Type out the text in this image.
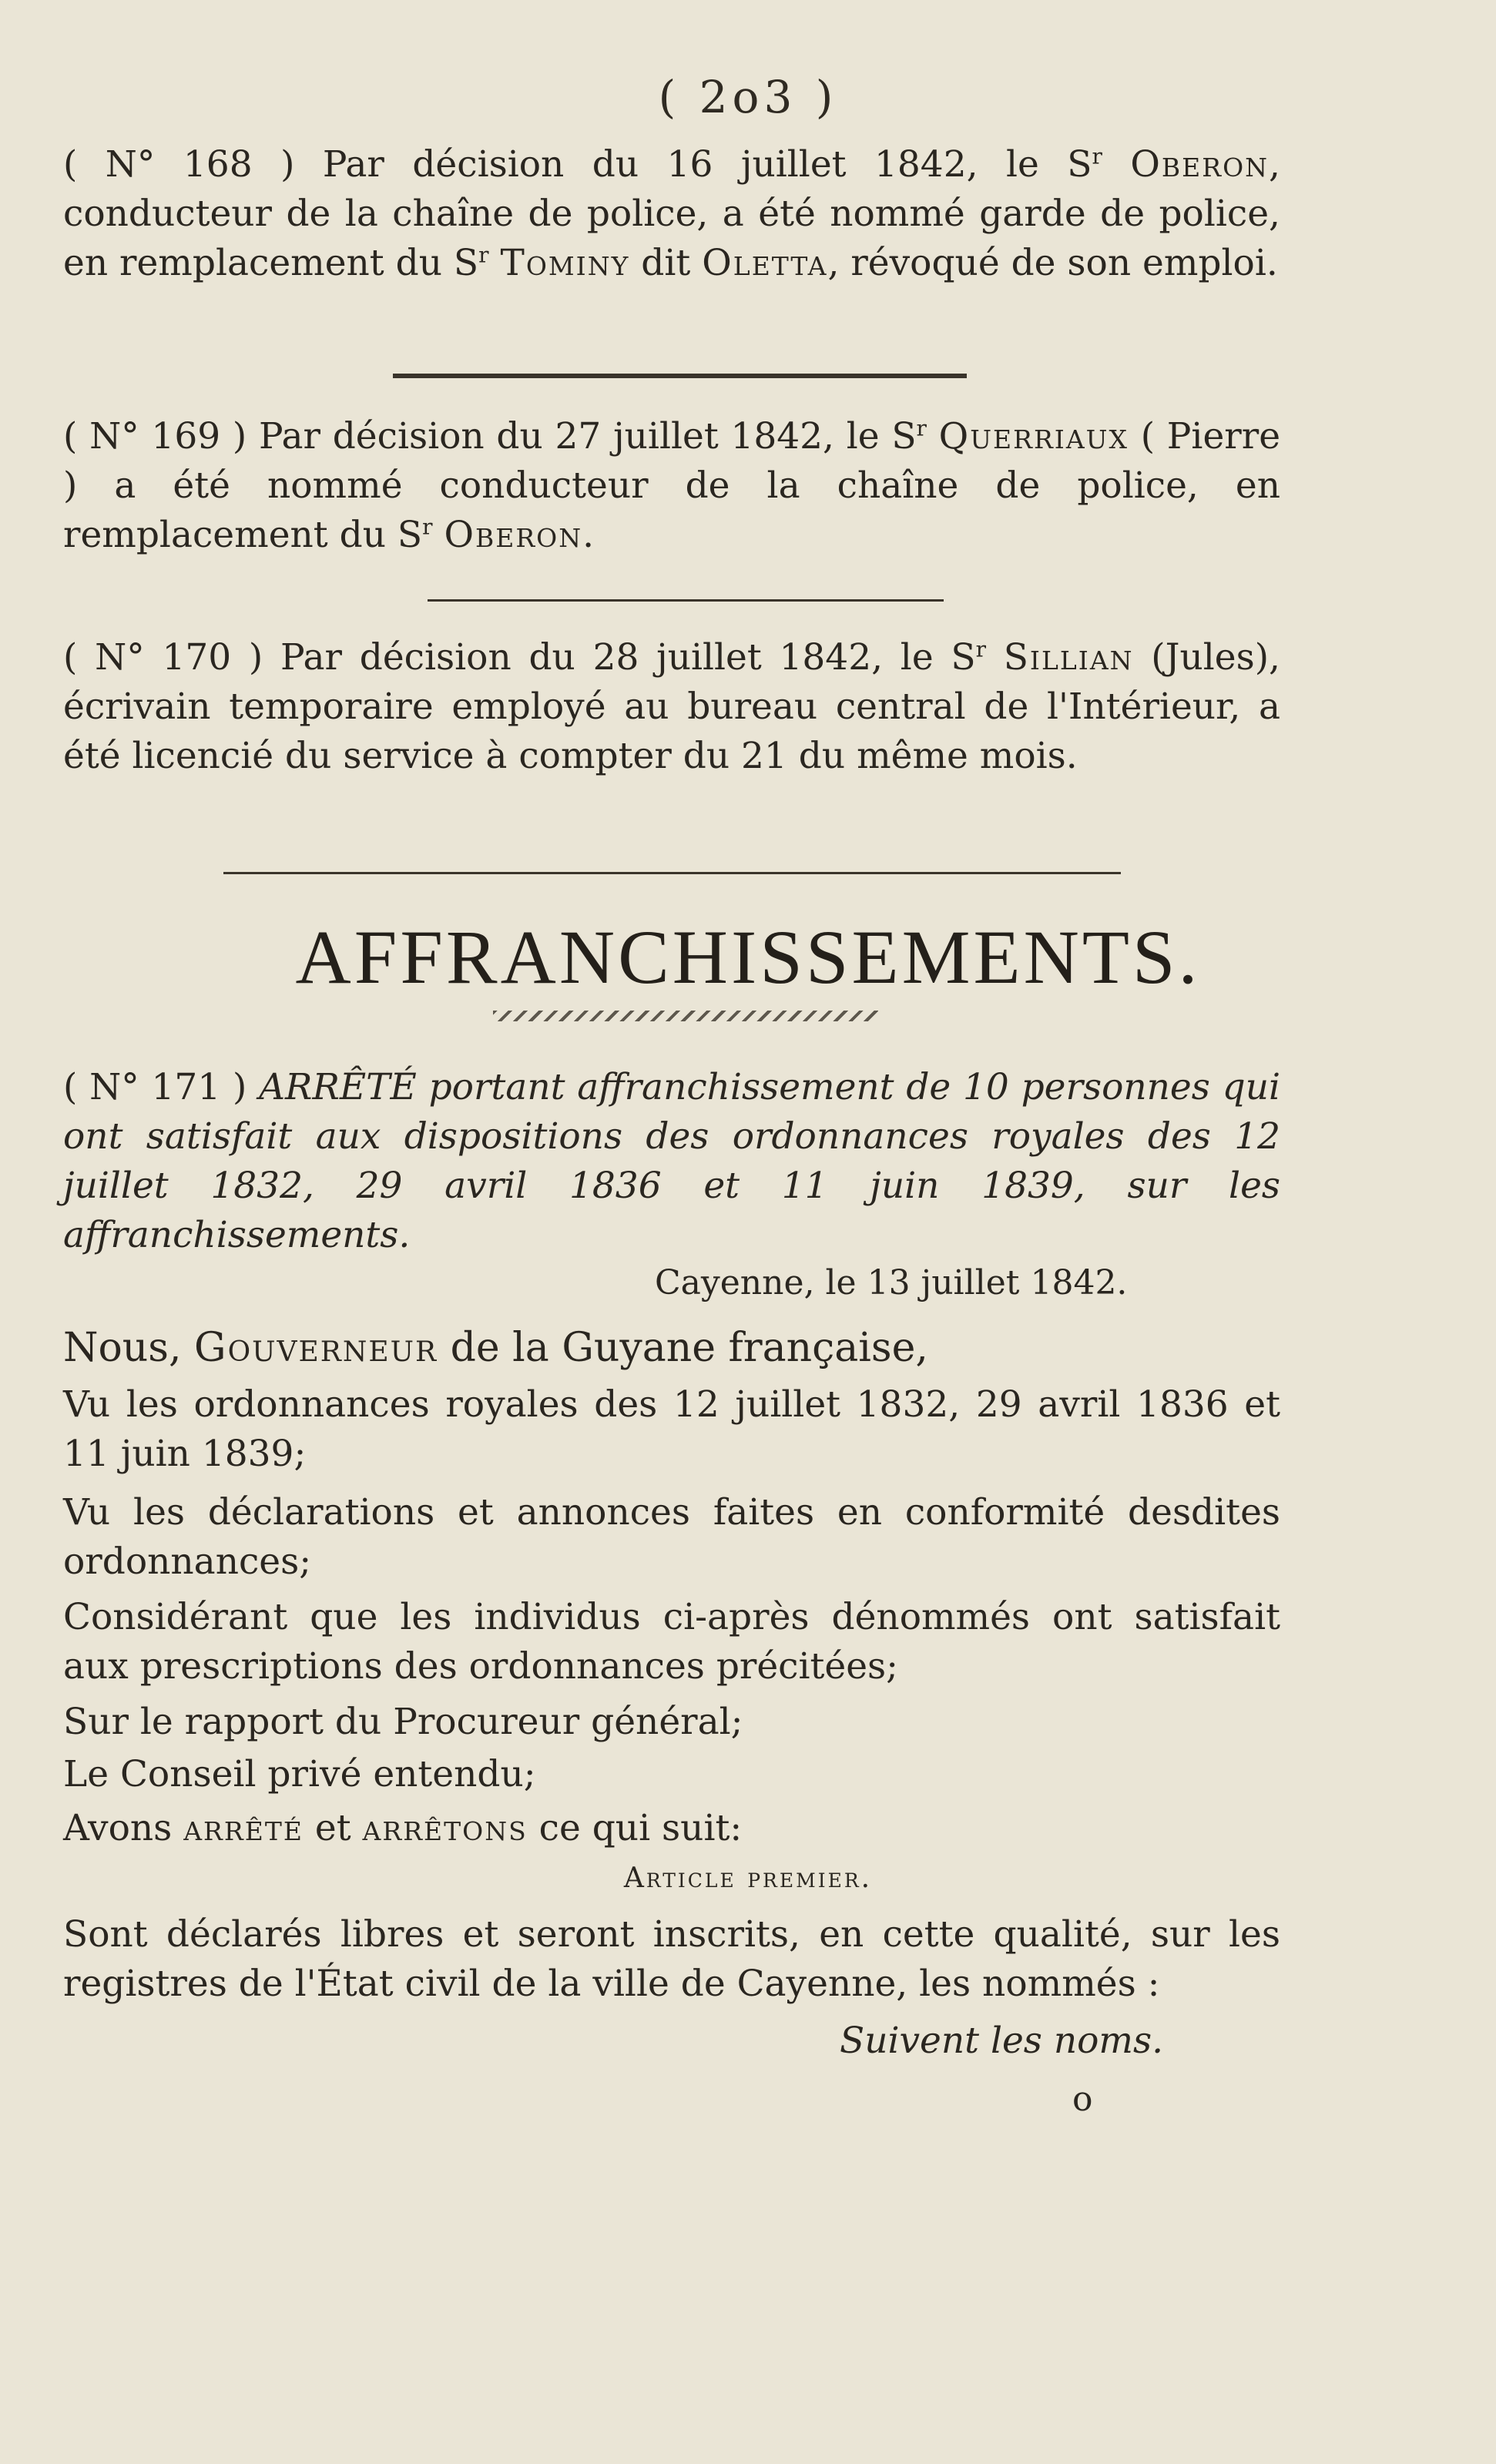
( 2o3 )
( N° 168 ) Par décision du 16 juillet 1842, le $S^r$ Oberon, conducteur de la chaîne de police, a été nommé garde de police, en remplacement du $S^r$ Tominy dit Oletta, révoqué de son emploi.
( N° 169 ) Par décision du 27 juillet 1842, le $S^r$ Querriaux ( Pierre ) a été nommé conducteur de la chaîne de police, en remplacement du $S^r$ Oberon.
( N° 170 ) Par décision du 28 juillet 1842, le $S^r$ Sillian (Jules), écrivain temporaire employé au bureau central de l'Intérieur, a été licencié du service à compter du 21 du même mois.
AFFRANCHISSEMENTS.
( N° 171 ) ARRÊTÉ portant affranchissement de 10 personnes qui ont satisfait aux dispositions des ordonnances royales des 12 juillet 1832, 29 avril 1836 et 11 juin 1839, sur les affranchissements.
Cayenne, le 13 juillet 1842.
Nous, Gouverneur de la Guyane française,
Vu les ordonnances royales des 12 juillet 1832, 29 avril 1836 et 11 juin 1839;
Vu les déclarations et annonces faites en conformité desdites ordonnances;
Considérant que les individus ci-après dénommés ont satisfait aux prescriptions des ordonnances précitées;
Sur le rapport du Procureur général;
Le Conseil privé entendu;
Avons arrêté et arrêtons ce qui suit:
Article premier.
Sont déclarés libres et seront inscrits, en cette qualité, sur les registres de l'État civil de la ville de Cayenne, les nommés :
Suivent les noms.
o
